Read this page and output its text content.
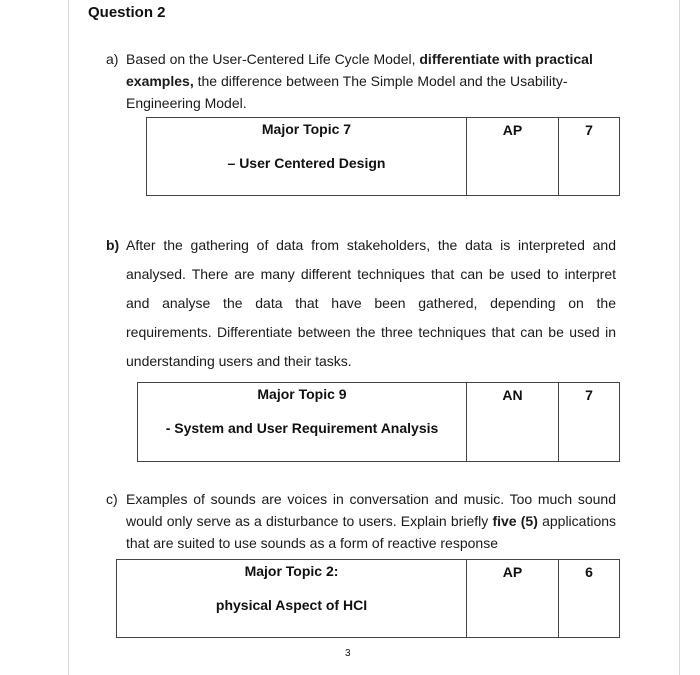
Question 2
a) Based on the User-Centered Life Cycle Model, differentiate with practical examples, the difference between The Simple Model and the Usability-Engineering Model.
Major Topic 7
– User Centered Design
	AP	7
b) After the gathering of data from stakeholders, the data is interpreted and analysed. There are many different techniques that can be used to interpret and analyse the data that have been gathered, depending on the requirements. Differentiate between the three techniques that can be used in understanding users and their tasks.
Major Topic 9
- System and User Requirement Analysis
	AN	7
c) Examples of sounds are voices in conversation and music. Too much sound would only serve as a disturbance to users. Explain briefly five (5) applications that are suited to use sounds as a form of reactive response
Major Topic 2:
physical Aspect of HCI
	AP	6
3
